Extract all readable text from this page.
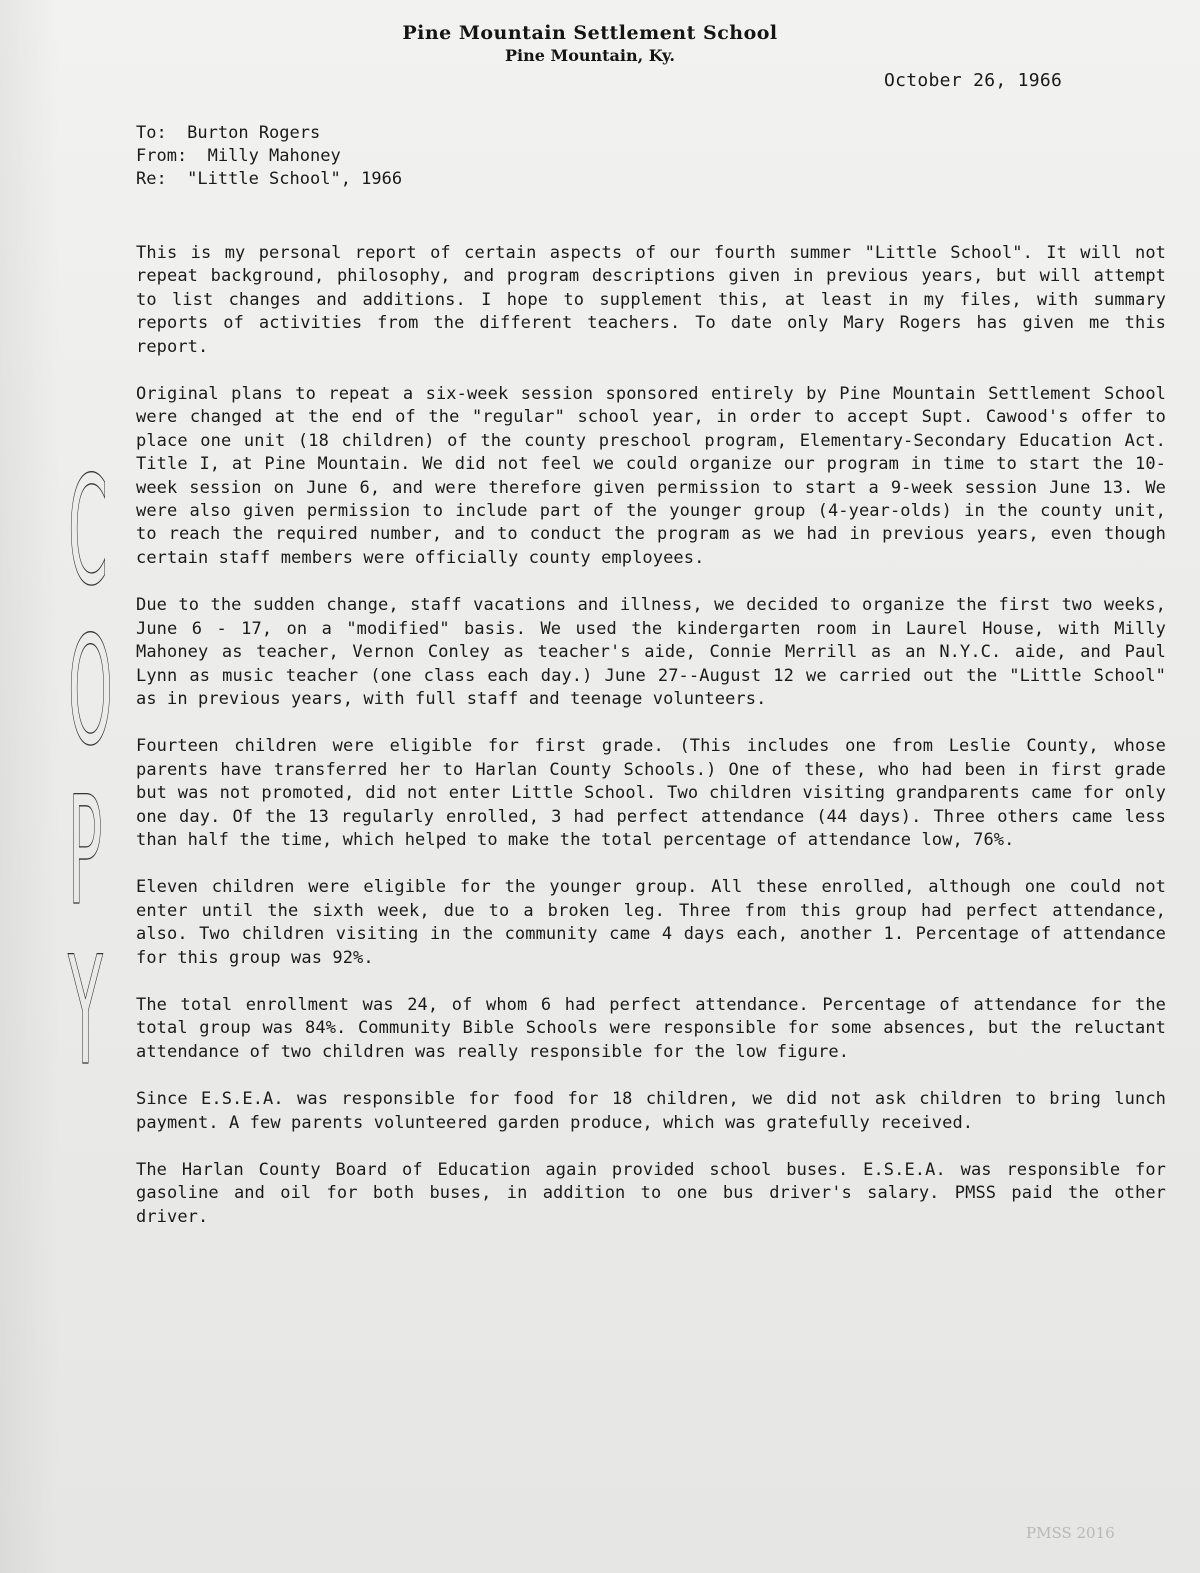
Pine Mountain Settlement School
Pine Mountain, Ky.
October 26, 1966
To:  Burton Rogers
From:  Milly Mahoney
Re:  "Little School", 1966
C
O
P
Y

This is my personal report of certain aspects of our fourth summer "Little School". It will not repeat background, philosophy, and program descriptions given in previous years, but will attempt to list changes and additions. I hope to supplement this, at least in my files, with summary reports of activities from the different teachers. To date only Mary Rogers has given me this report.

Original plans to repeat a six-week session sponsored entirely by Pine Mountain Settlement School were changed at the end of the "regular" school year, in order to accept Supt. Cawood's offer to place one unit (18 children) of the county preschool program, Elementary-Secondary Education Act. Title I, at Pine Mountain. We did not feel we could organize our program in time to start the 10-week session on June 6, and were therefore given permission to start a 9-week session June 13. We were also given permission to include part of the younger group (4-year-olds) in the county unit, to reach the required number, and to conduct the program as we had in previous years, even though certain staff members were officially county employees.

Due to the sudden change, staff vacations and illness, we decided to organize the first two weeks, June 6 - 17, on a "modified" basis. We used the kindergarten room in Laurel House, with Milly Mahoney as teacher, Vernon Conley as teacher's aide, Connie Merrill as an N.Y.C. aide, and Paul Lynn as music teacher (one class each day.) June 27--August 12 we carried out the "Little School" as in previous years, with full staff and teenage volunteers.

Fourteen children were eligible for first grade. (This includes one from Leslie County, whose parents have transferred her to Harlan County Schools.) One of these, who had been in first grade but was not promoted, did not enter Little School. Two children visiting grandparents came for only one day. Of the 13 regularly enrolled, 3 had perfect attendance (44 days). Three others came less than half the time, which helped to make the total percentage of attendance low, 76%.

Eleven children were eligible for the younger group. All these enrolled, although one could not enter until the sixth week, due to a broken leg. Three from this group had perfect attendance, also. Two children visiting in the community came 4 days each, another 1. Percentage of attendance for this group was 92%.

The total enrollment was 24, of whom 6 had perfect attendance. Percentage of attendance for the total group was 84%. Community Bible Schools were responsible for some absences, but the reluctant attendance of two children was really responsible for the low figure.

Since E.S.E.A. was responsible for food for 18 children, we did not ask children to bring lunch payment. A few parents volunteered garden produce, which was gratefully received.

The Harlan County Board of Education again provided school buses. E.S.E.A. was responsible for gasoline and oil for both buses, in addition to one bus driver's salary. PMSS paid the other driver.

PMSS 2016
